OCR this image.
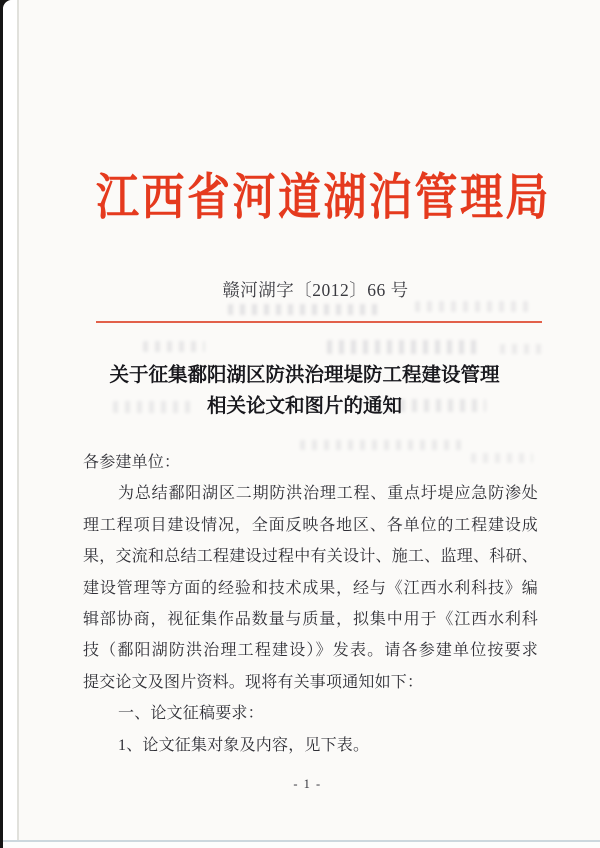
江西省河道湖泊管理局
赣河湖字〔2012〕66 号
关于征集鄱阳湖区防洪治理堤防工程建设管理
相关论文和图片的通知
各参建单位：
为总结鄱阳湖区二期防洪治理工程、重点圩堤应急防渗处
理工程项目建设情况，全面反映各地区、各单位的工程建设成
果，交流和总结工程建设过程中有关设计、施工、监理、科研、
建设管理等方面的经验和技术成果，经与《江西水利科技》编
辑部协商，视征集作品数量与质量，拟集中用于《江西水利科
技（鄱阳湖防洪治理工程建设）》发表。请各参建单位按要求
提交论文及图片资料。现将有关事项通知如下：
一、论文征稿要求：
1、论文征集对象及内容，见下表。
- 1 -
